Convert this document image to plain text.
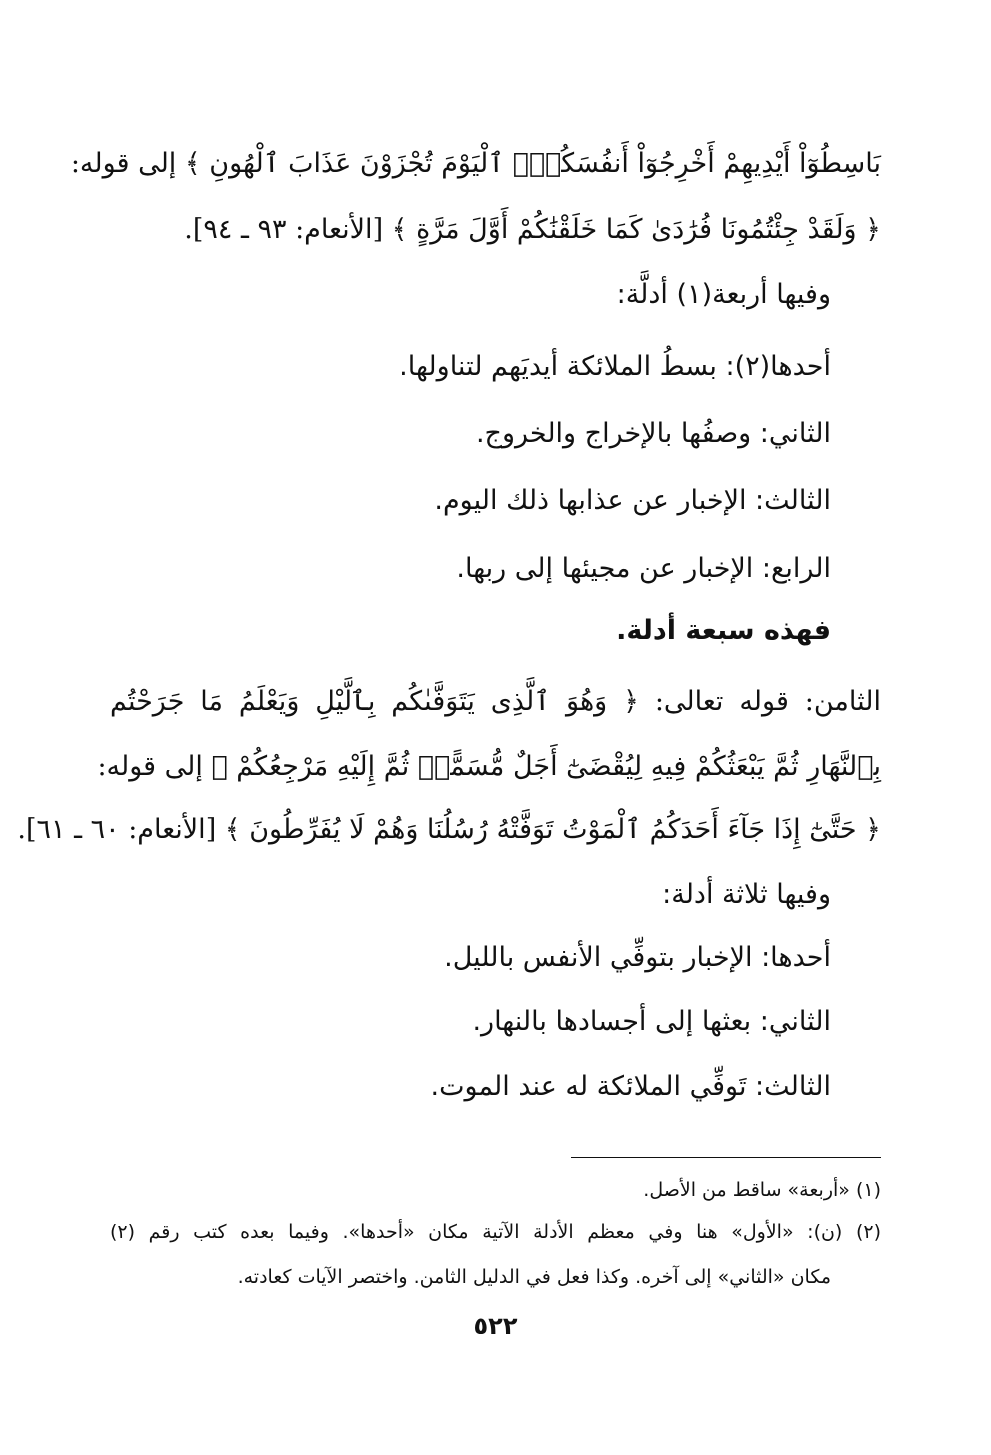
بَاسِطُوٓاْ أَيْدِيهِمْ أَخْرِجُوٓاْ أَنفُسَكُمُۖ ٱلْيَوْمَ تُجْزَوْنَ عَذَابَ ٱلْهُونِ ﴾ إلى قوله:
﴿ وَلَقَدْ جِئْتُمُونَا فُرَٰدَىٰ كَمَا خَلَقْنَٰكُمْ أَوَّلَ مَرَّةٍ ﴾ [الأنعام: ٩٣ ـ ٩٤].
وفيها أربعة(١) أدلَّة:
أحدها(٢): بسطُ الملائكة أيديَهم لتناولها.
الثاني: وصفُها بالإخراج والخروج.
الثالث: الإخبار عن عذابها ذلك اليوم.
الرابع: الإخبار عن مجيئها إلى ربها.
فهذه سبعة أدلة.
الثامن: قوله تعالى: ﴿ وَهُوَ ٱلَّذِى يَتَوَفَّىٰكُم بِٱلَّيْلِ وَيَعْلَمُ مَا جَرَحْتُم
بِٱلنَّهَارِ ثُمَّ يَبْعَثُكُمْ فِيهِ لِيُقْضَىٰٓ أَجَلٌ مُّسَمًّىۖ ثُمَّ إِلَيْهِ مَرْجِعُكُمْ ﴾ إلى قوله:
﴿ حَتَّىٰٓ إِذَا جَآءَ أَحَدَكُمُ ٱلْمَوْتُ تَوَفَّتْهُ رُسُلُنَا وَهُمْ لَا يُفَرِّطُونَ ﴾ [الأنعام: ٦٠ ـ ٦١].
وفيها ثلاثة أدلة:
أحدها: الإخبار بتوفِّي الأنفس بالليل.
الثاني: بعثها إلى أجسادها بالنهار.
الثالث: تَوفِّي الملائكة له عند الموت.
(١) «أربعة» ساقط من الأصل.
(٢) (ن): «الأول» هنا وفي معظم الأدلة الآتية مكان «أحدها». وفيما بعده كتب رقم (٢)
مكان «الثاني» إلى آخره. وكذا فعل في الدليل الثامن. واختصر الآيات كعادته.
٥٢٢
